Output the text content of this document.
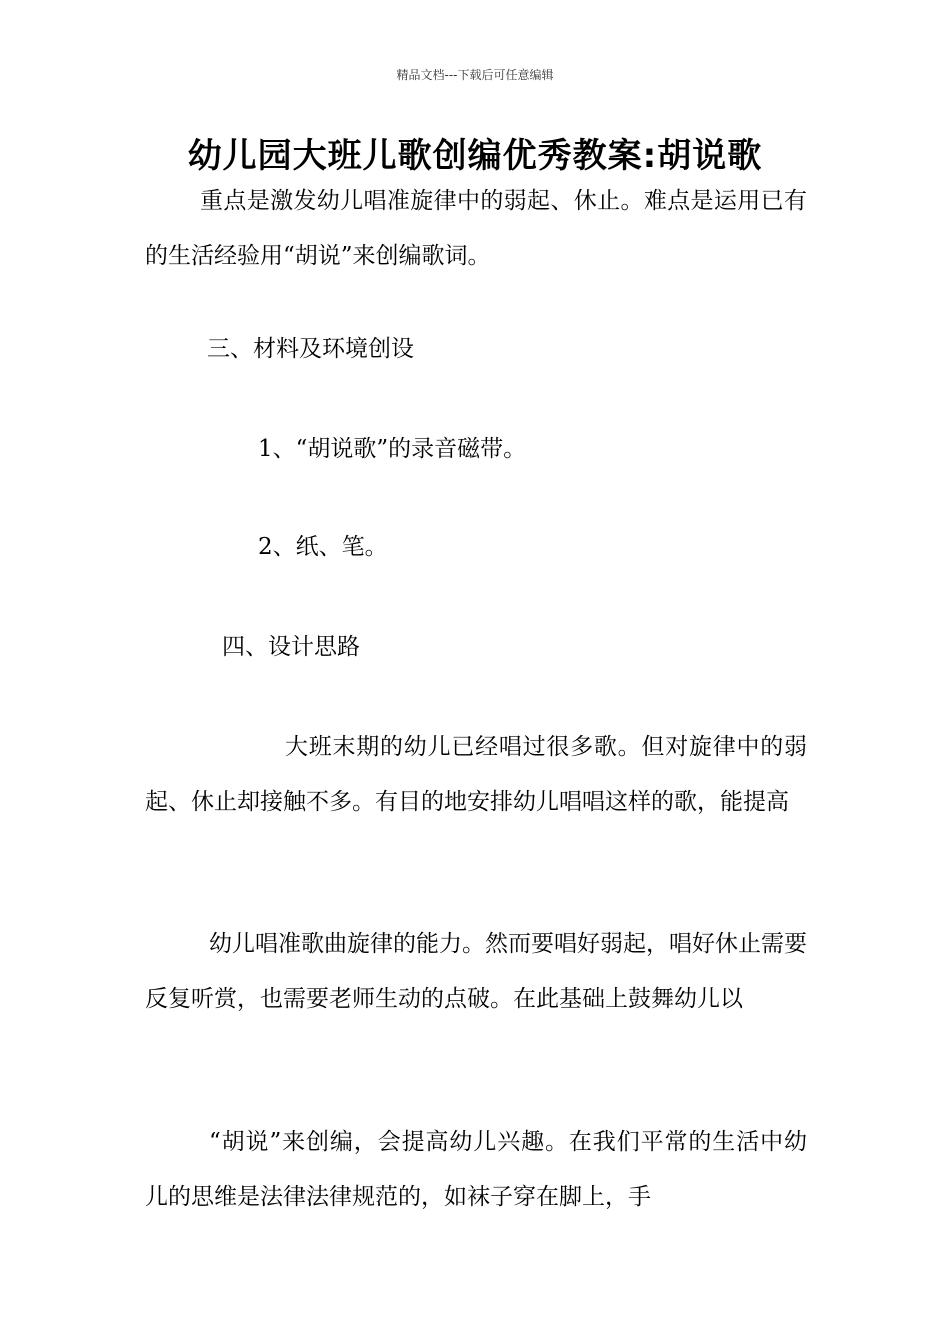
精品文档---下载后可任意编辑
幼儿园大班儿歌创编优秀教案:胡说歌

重点是激发幼儿唱准旋律中的弱起、休止。难点是运用已有的生活经验用“胡说”来创编歌词。

三、材料及环境创设
1、“胡说歌”的录音磁带。
2、纸、笔。
四、设计思路

大班末期的幼儿已经唱过很多歌。但对旋律中的弱起、休止却接触不多。有目的地安排幼儿唱唱这样的歌，能提高

幼儿唱准歌曲旋律的能力。然而要唱好弱起，唱好休止需要反复听赏，也需要老师生动的点破。在此基础上鼓舞幼儿以

“胡说”来创编，会提高幼儿兴趣。在我们平常的生活中幼儿的思维是法律法律规范的，如袜子穿在脚上，手
